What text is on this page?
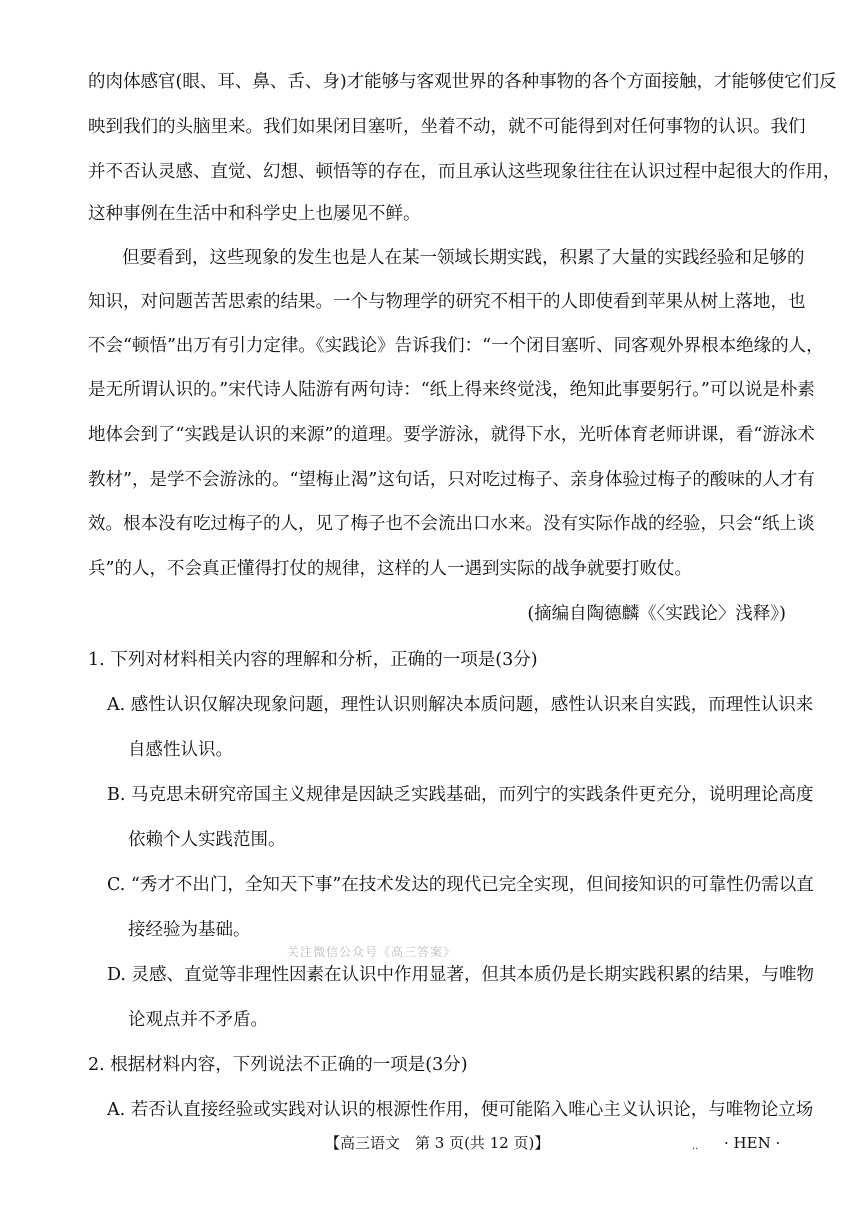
的肉体感官(眼、耳、鼻、舌、身)才能够与客观世界的各种事物的各个方面接触，才能够使它们反
映到我们的头脑里来。我们如果闭目塞听，坐着不动，就不可能得到对任何事物的认识。我们
并不否认灵感、直觉、幻想、顿悟等的存在，而且承认这些现象往往在认识过程中起很大的作用，
这种事例在生活中和科学史上也屡见不鲜。
但要看到，这些现象的发生也是人在某一领域长期实践，积累了大量的实践经验和足够的
知识，对问题苦苦思索的结果。一个与物理学的研究不相干的人即使看到苹果从树上落地，也
不会“顿悟”出万有引力定律。《实践论》告诉我们：“一个闭目塞听、同客观外界根本绝缘的人，
是无所谓认识的。”宋代诗人陆游有两句诗：“纸上得来终觉浅，绝知此事要躬行。”可以说是朴素
地体会到了“实践是认识的来源”的道理。要学游泳，就得下水，光听体育老师讲课，看“游泳术
教材”，是学不会游泳的。“望梅止渴”这句话，只对吃过梅子、亲身体验过梅子的酸味的人才有
效。根本没有吃过梅子的人，见了梅子也不会流出口水来。没有实际作战的经验，只会“纸上谈
兵”的人，不会真正懂得打仗的规律，这样的人一遇到实际的战争就要打败仗。
(摘编自陶德麟《〈实践论〉浅释》)
1. 下列对材料相关内容的理解和分析，正确的一项是(3分)
A. 感性认识仅解决现象问题，理性认识则解决本质问题，感性认识来自实践，而理性认识来
自感性认识。
B. 马克思未研究帝国主义规律是因缺乏实践基础，而列宁的实践条件更充分，说明理论高度
依赖个人实践范围。
C. “秀才不出门，全知天下事”在技术发达的现代已完全实现，但间接知识的可靠性仍需以直
接经验为基础。
D. 灵感、直觉等非理性因素在认识中作用显著，但其本质仍是长期实践积累的结果，与唯物
论观点并不矛盾。
关注微信公众号《高三答案》
2. 根据材料内容，下列说法不正确的一项是(3分)
A. 若否认直接经验或实践对认识的根源性作用，便可能陷入唯心主义认识论，与唯物论立场
【高三语文　第 3 页(共 12 页)】	.. · HEN ·
